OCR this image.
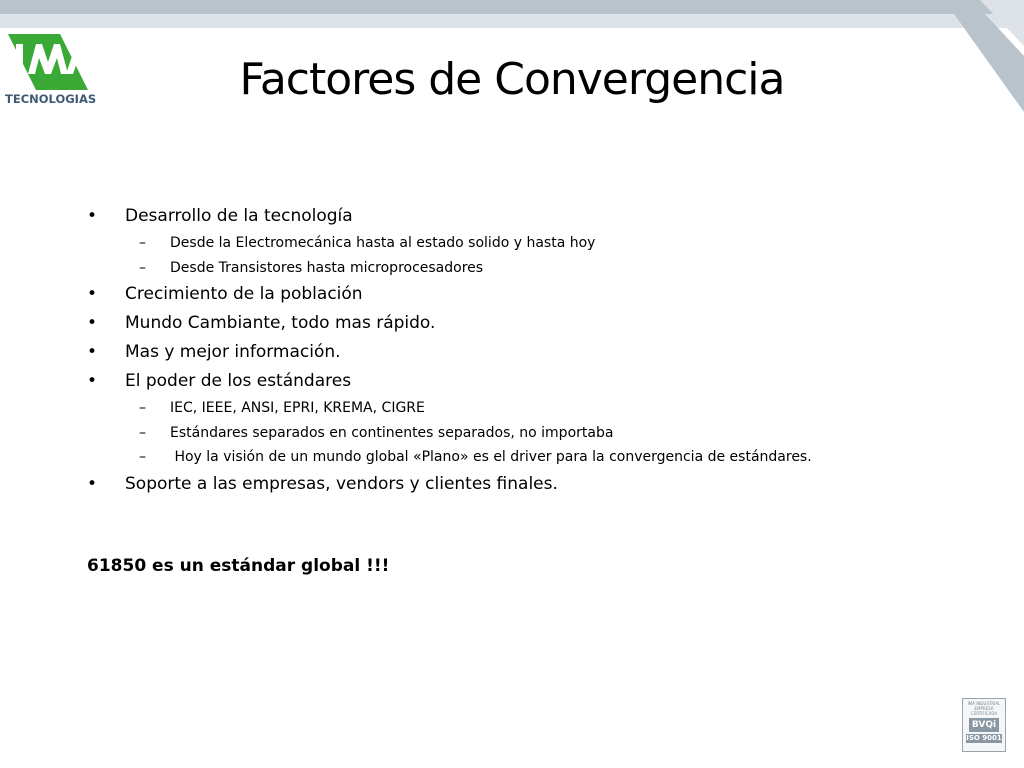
TECNOLOGIAS	Factores de Convergencia
• Desarrollo de la tecnología
– Desde la Electromecánica hasta al estado solido y hasta hoy
– Desde Transistores hasta microprocesadores
• Crecimiento de la población
• Mundo Cambiante, todo mas rápido.
• Mas y mejor información.
• El poder de los estándares
– IEC, IEEE, ANSI, EPRI, KREMA, CIGRE
– Estándares separados en continentes separados, no importaba
– Hoy la visión de un mundo global «Plano» es el driver para la convergencia de estándares.
• Soporte a las empresas, vendors y clientes finales.
61850 es un estándar global !!!
IMA INDUSTRIAL EMPRESA CERTIFICADA
BVQi
ISO 9001
